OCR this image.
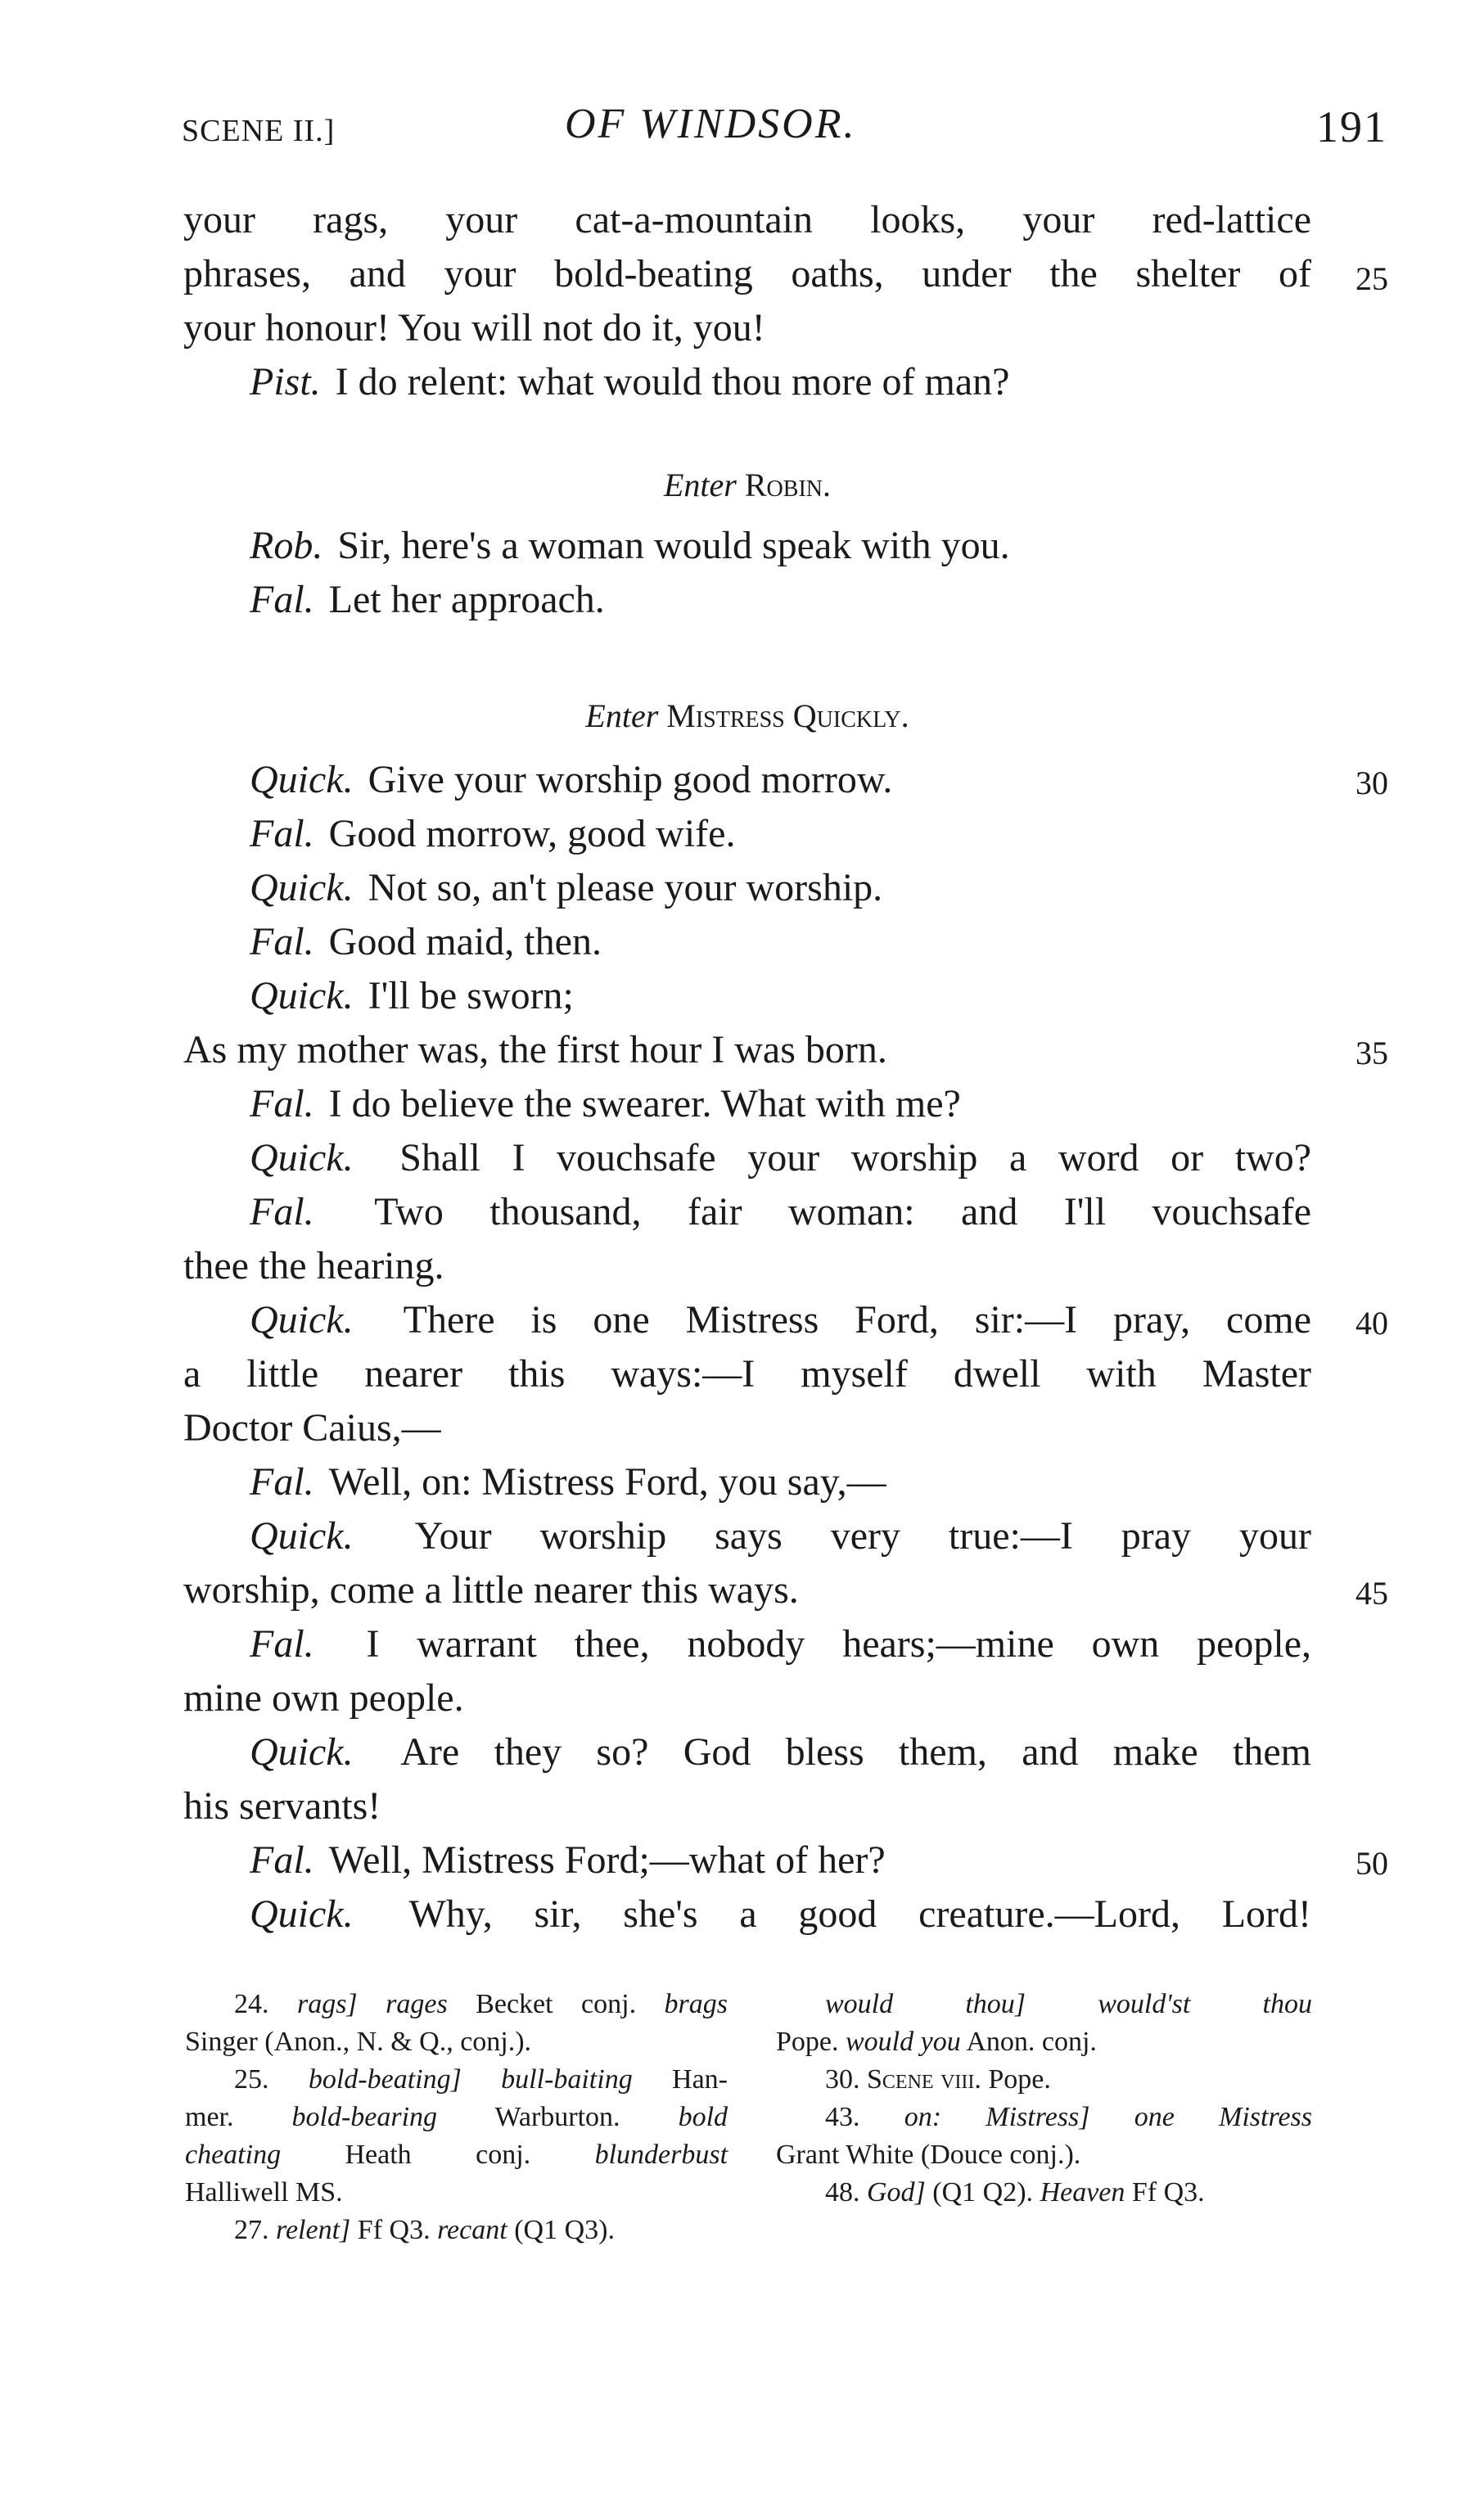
SCENE II.]	OF WINDSOR.	191
your rags, your cat-a-mountain looks, your red-lattice
phrases, and your bold-beating oaths, under the shelter of
your honour! You will not do it, you!
Pist. I do relent: what would thou more of man?
Enter Robin.
Rob. Sir, here's a woman would speak with you.
Fal. Let her approach.
Enter Mistress Quickly.
Quick. Give your worship good morrow.
Fal. Good morrow, good wife.
Quick. Not so, an't please your worship.
Fal. Good maid, then.
Quick. I'll be sworn;
As my mother was, the first hour I was born.
Fal. I do believe the swearer. What with me?
Quick. Shall I vouchsafe your worship a word or two?
Fal. Two thousand, fair woman: and I'll vouchsafe
thee the hearing.
Quick. There is one Mistress Ford, sir:—I pray, come
a little nearer this ways:—I myself dwell with Master
Doctor Caius,—
Fal. Well, on: Mistress Ford, you say,—
Quick. Your worship says very true:—I pray your
worship, come a little nearer this ways.
Fal. I warrant thee, nobody hears;—mine own people,
mine own people.
Quick. Are they so? God bless them, and make them
his servants!
Fal. Well, Mistress Ford;—what of her?
Quick. Why, sir, she's a good creature.—Lord, Lord!
25
30
35
40
45
50
24. rags] rages Becket conj. brags
Singer (Anon., N. & Q., conj.).
25. bold-beating] bull-baiting Han-
mer. bold-bearing Warburton. bold
cheating Heath conj. blunderbust
Halliwell MS.
27. relent] Ff Q3. recant (Q1 Q3).
would thou]	would'st thou
Pope. would you Anon. conj.
30. Scene viii. Pope.
43. on: Mistress] one Mistress
Grant White (Douce conj.).
48. God] (Q1 Q2). Heaven Ff Q3.
